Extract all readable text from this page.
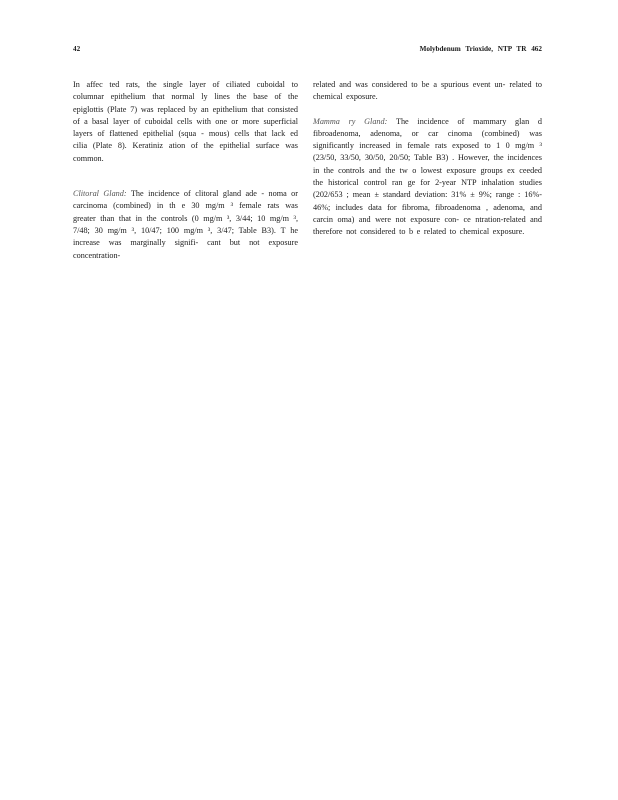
42	Molybdenum Trioxide, NTP TR 462

In affec ted rats, the single layer of ciliated cuboidal to columnar epithelium that normal ly lines the base of the epiglottis (Plate 7) was replaced by an epithelium that consisted of a basal layer of cuboidal cells with one or more superficial layers of flattened epithelial (squa - mous) cells that lack ed cilia (Plate 8). Keratiniz ation of the epithelial surface was common.

Clitoral Gland: The incidence of clitoral gland ade - noma or carcinoma (combined) in th e 30 mg/m ³ female rats was greater than that in the controls (0 mg/m ³, 3/44; 10 mg/m ³, 7/48; 30 mg/m ³, 10/47; 100 mg/m ³, 3/47; Table B3). T he increase was marginally signifi- cant but not exposure concentration-

related and was considered to be a spurious event un- related to chemical exposure.

Mamma ry Gland: The incidence of mammary glan d fibroadenoma, adenoma, or car cinoma (combined) was significantly increased in female rats exposed to 1 0 mg/m ³ (23/50, 33/50, 30/50, 20/50; Table B3) . However, the incidences in the controls and the tw o lowest exposure groups ex ceeded the historical control ran ge for 2-year NTP inhalation studies (202/653 ; mean ± standard deviation: 31% ± 9%; range : 16%- 46%; includes data for fibroma, fibroadenoma , adenoma, and carcin oma) and were not exposure con- ce ntration-related and therefore not considered to b e related to chemical exposure.
